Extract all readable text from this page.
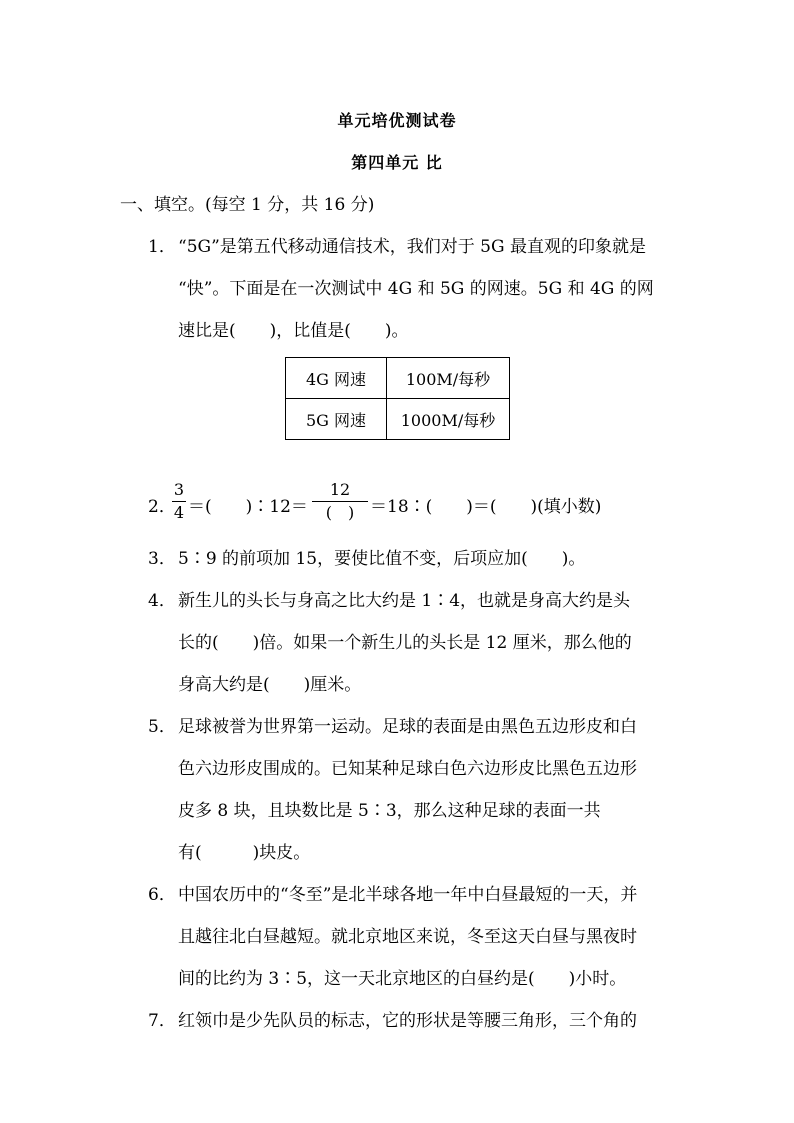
单元培优测试卷
第四单元 比
一、填空。(每空 1 分，共 16 分)
1． “5G”是第五代移动通信技术，我们对于 5G 最直观的印象就是
“快”。下面是在一次测试中 4G 和 5G 的网速。5G 和 4G 的网
速比是(　　)，比值是(　　)。
4G 网速	100M/每秒
5G 网速	1000M/每秒
2．
3
4 ＝(　　)∶12＝
12
(　) ＝18∶(　　)＝(　　)(填小数)
3． 5∶9 的前项加 15，要使比值不变，后项应加(　　)。
4． 新生儿的头长与身高之比大约是 1∶4，也就是身高大约是头
长的(　　)倍。如果一个新生儿的头长是 12 厘米，那么他的
身高大约是(　　)厘米。
5． 足球被誉为世界第一运动。足球的表面是由黑色五边形皮和白
色六边形皮围成的。已知某种足球白色六边形皮比黑色五边形
皮多 8 块，且块数比是 5∶3，那么这种足球的表面一共
有(　　　)块皮。
6． 中国农历中的“冬至”是北半球各地一年中白昼最短的一天，并
且越往北白昼越短。就北京地区来说，冬至这天白昼与黑夜时
间的比约为 3∶5，这一天北京地区的白昼约是(　　)小时。
7． 红领巾是少先队员的标志，它的形状是等腰三角形，三个角的
